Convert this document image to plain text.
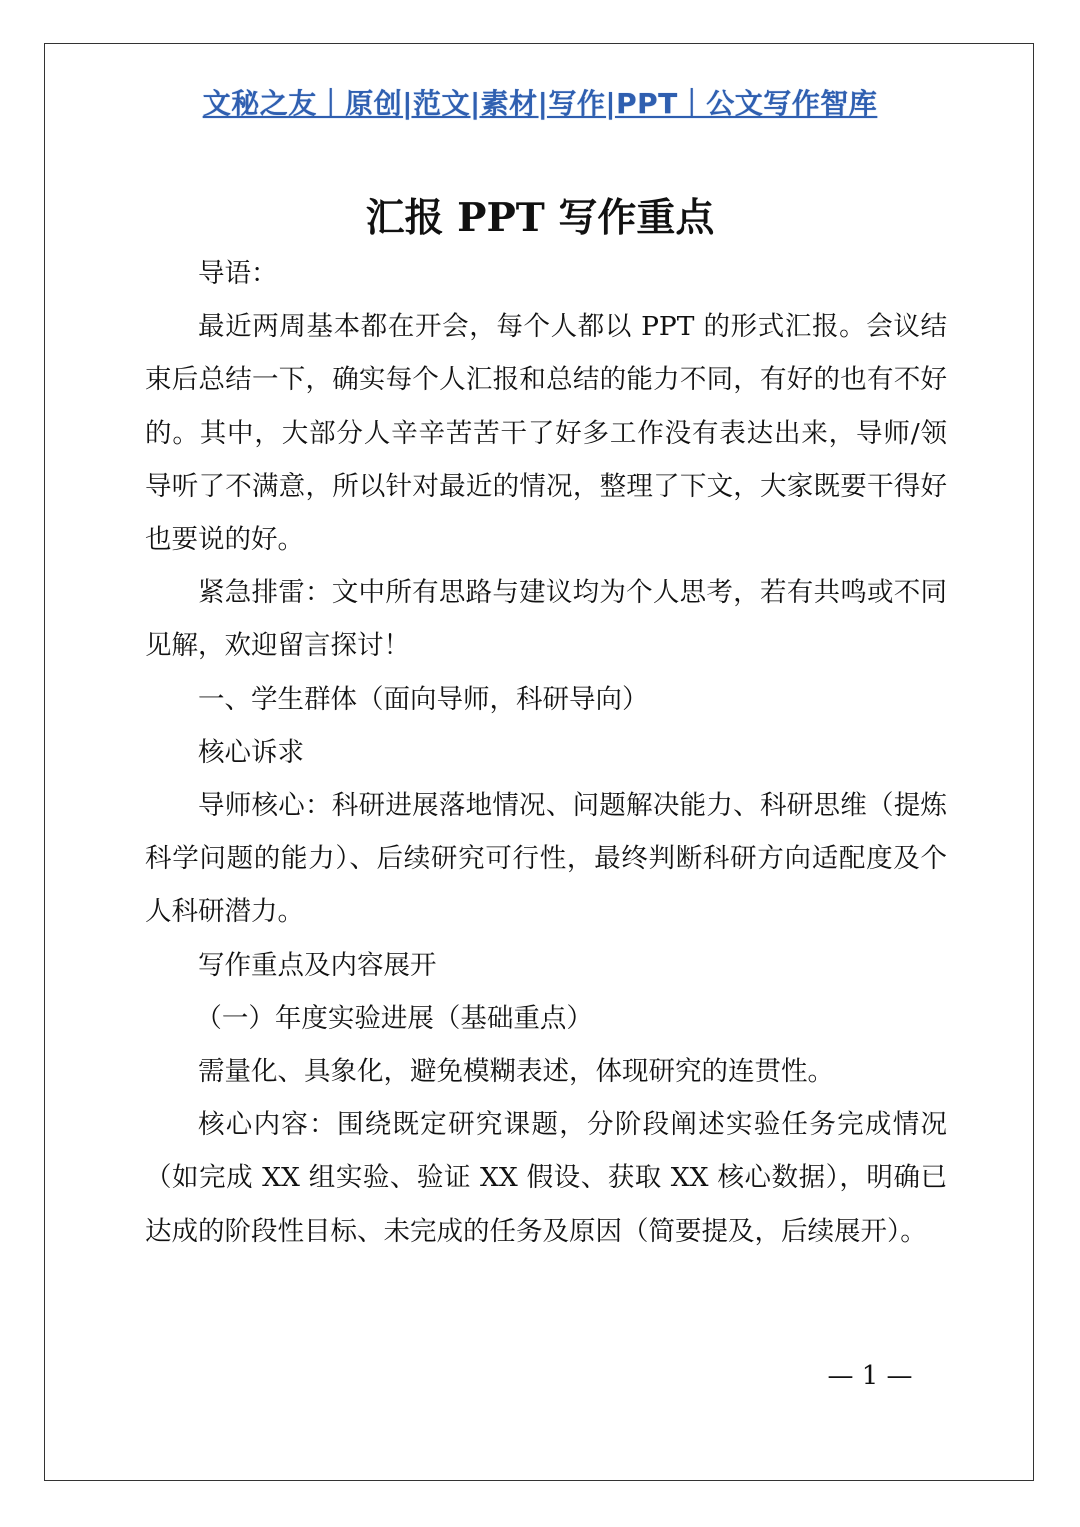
文秘之友｜原创|范文|素材|写作|PPT｜公文写作智库
汇报 PPT 写作重点

导语：

最近两周基本都在开会，每个人都以 PPT 的形式汇报。会议结束后总结一下，确实每个人汇报和总结的能力不同，有好的也有不好的。其中，大部分人辛辛苦苦干了好多工作没有表达出来，导师/领导听了不满意，所以针对最近的情况，整理了下文，大家既要干得好也要说的好。

紧急排雷：文中所有思路与建议均为个人思考，若有共鸣或不同见解，欢迎留言探讨！

一、学生群体（面向导师，科研导向）

核心诉求

导师核心：科研进展落地情况、问题解决能力、科研思维（提炼科学问题的能力）、后续研究可行性，最终判断科研方向适配度及个人科研潜力。

写作重点及内容展开

（一）年度实验进展（基础重点）

需量化、具象化，避免模糊表述，体现研究的连贯性。

核心内容：围绕既定研究课题，分阶段阐述实验任务完成情况（如完成 XX 组实验、验证 XX 假设、获取 XX 核心数据），明确已达成的阶段性目标、未完成的任务及原因（简要提及，后续展开）。

— 1 —
